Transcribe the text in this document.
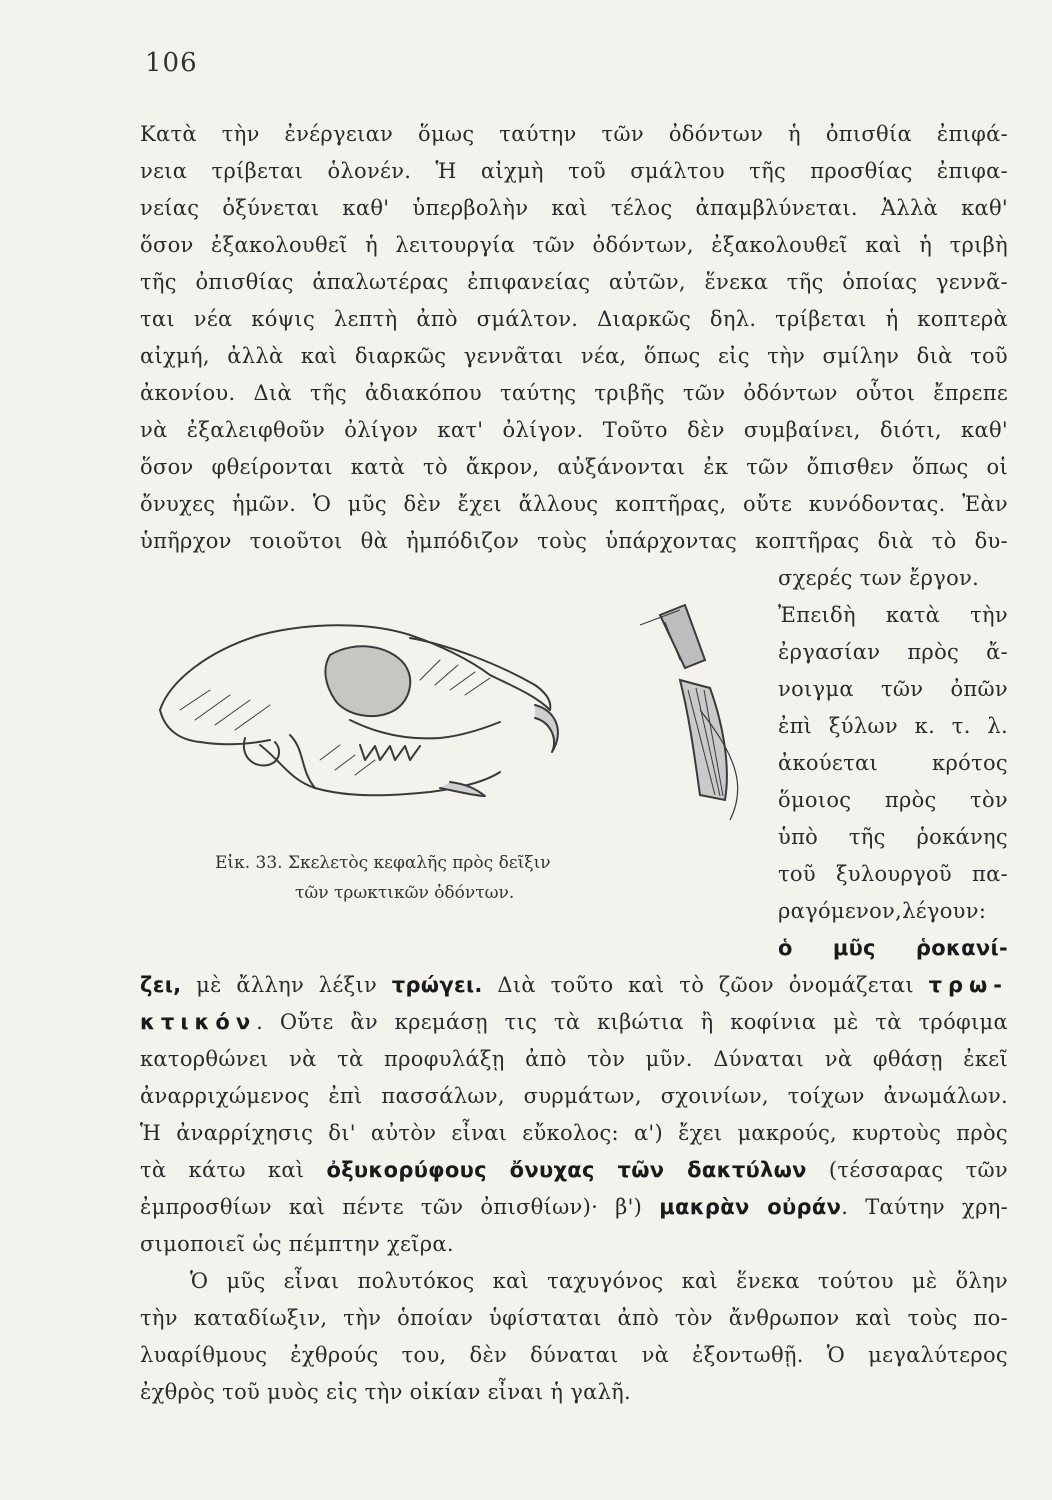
106
Κατὰ τὴν ἐνέργειαν ὅμως ταύτην τῶν ὀδόντων ἡ ὀπισθία ἐπιφά-
νεια τρίβεται ὁλονέν. Ἡ αἰχμὴ τοῦ σμάλτου τῆς προσθίας ἐπιφα-
νείας ὀξύνεται καθ' ὑπερβολὴν καὶ τέλος ἀπαμβλύνεται. Ἀλλὰ καθ'
ὅσον ἐξακολουθεῖ ἡ λειτουργία τῶν ὀδόντων, ἐξακολουθεῖ καὶ ἡ τριβὴ
τῆς ὀπισθίας ἁπαλωτέρας ἐπιφανείας αὐτῶν, ἕνεκα τῆς ὁποίας γεννᾶ-
ται νέα κόψις λεπτὴ ἀπὸ σμάλτον. Διαρκῶς δηλ. τρίβεται ἡ κοπτερὰ
αἰχμή, ἀλλὰ καὶ διαρκῶς γεννᾶται νέα, ὅπως εἰς τὴν σμίλην διὰ τοῦ
ἀκονίου. Διὰ τῆς ἀδιακόπου ταύτης τριβῆς τῶν ὀδόντων οὗτοι ἔπρεπε
νὰ ἐξαλειφθοῦν ὀλίγον κατ' ὀλίγον. Τοῦτο δὲν συμβαίνει, διότι, καθ'
ὅσον φθείρονται κατὰ τὸ ἄκρον, αὐξάνονται ἐκ τῶν ὄπισθεν ὅπως οἱ
ὄνυχες ἡμῶν. Ὁ μῦς δὲν ἔχει ἄλλους κοπτῆρας, οὔτε κυνόδοντας. Ἐὰν
ὑπῆρχον τοιοῦτοι θὰ ἠμπόδιζον τοὺς ὑπάρχοντας κοπτῆρας διὰ τὸ δυ-
σχερές των ἔργον.
Ἐπειδὴ κατὰ τὴν
ἐργασίαν πρὸς ἄ-
νοιγμα τῶν ὀπῶν
ἐπὶ ξύλων κ. τ. λ.
ἀκούεται κρότος
ὅμοιος πρὸς τὸν
ὑπὸ τῆς ῥοκάνης
τοῦ ξυλουργοῦ πα-
ραγόμενον,λέγουν:
ὁ μῦς ῥοκανί-
Εἰκ. 33. Σκελετὸς κεφαλῆς πρὸς δεῖξιν
τῶν τρωκτικῶν ὀδόντων.
ζει, μὲ ἄλλην λέξιν τρώγει. Διὰ τοῦτο καὶ τὸ ζῶον ὀνομάζεται τρω-
κτικόν. Οὔτε ἂν κρεμάσῃ τις τὰ κιβώτια ἢ κοφίνια μὲ τὰ τρόφιμα
κατορθώνει νὰ τὰ προφυλάξῃ ἀπὸ τὸν μῦν. Δύναται νὰ φθάσῃ ἐκεῖ
ἀναρριχώμενος ἐπὶ πασσάλων, συρμάτων, σχοινίων, τοίχων ἀνωμάλων.
Ἡ ἀναρρίχησις δι' αὐτὸν εἶναι εὔκολος: α') ἔχει μακρούς, κυρτοὺς πρὸς
τὰ κάτω καὶ ὀξυκορύφους ὄνυχας τῶν δακτύλων (τέσσαρας τῶν
ἐμπροσθίων καὶ πέντε τῶν ὀπισθίων)· β') μακρὰν οὐράν. Ταύτην χρη-
σιμοποιεῖ ὡς πέμπτην χεῖρα.
Ὁ μῦς εἶναι πολυτόκος καὶ ταχυγόνος καὶ ἕνεκα τούτου μὲ ὅλην
τὴν καταδίωξιν, τὴν ὁποίαν ὑφίσταται ἀπὸ τὸν ἄνθρωπον καὶ τοὺς πο-
λυαρίθμους ἐχθρούς του, δὲν δύναται νὰ ἐξοντωθῇ. Ὁ μεγαλύτερος
ἐχθρὸς τοῦ μυὸς εἰς τὴν οἰκίαν εἶναι ἡ γαλῆ.
